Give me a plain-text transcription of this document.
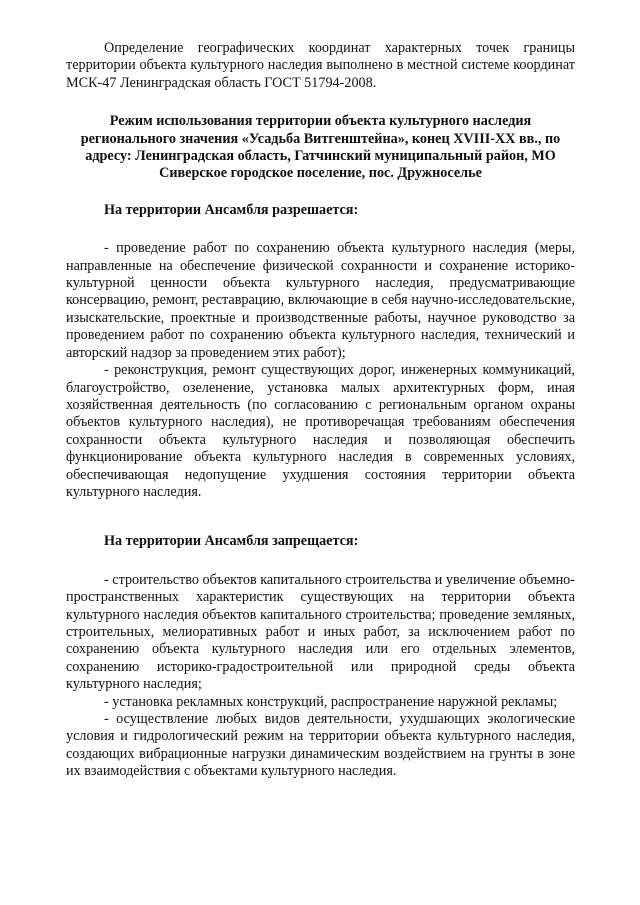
Определение географических координат характерных точек границы территории объекта культурного наследия выполнено в местной системе координат МСК-47 Ленинградская область ГОСТ 51794-2008.

Режим использования территории объекта культурного наследия регионального значения «Усадьба Витгенштейна», конец XVIII-XX вв., по адресу: Ленинградская область, Гатчинский муниципальный район, МО Сиверское городское поселение, пос. Дружноселье

На территории Ансамбля разрешается:

- проведение работ по сохранению объекта культурного наследия (меры, направленные на обеспечение физической сохранности и сохранение историко-культурной ценности объекта культурного наследия, предусматривающие консервацию, ремонт, реставрацию, включающие в себя научно-исследовательские, изыскательские, проектные и производственные работы, научное руководство за проведением работ по сохранению объекта культурного наследия, технический и авторский надзор за проведением этих работ);
- реконструкция, ремонт существующих дорог, инженерных коммуникаций, благоустройство, озеленение, установка малых архитектурных форм, иная хозяйственная деятельность (по согласованию с региональным органом охраны объектов культурного наследия), не противоречащая требованиям обеспечения сохранности объекта культурного наследия и позволяющая обеспечить функционирование объекта культурного наследия в современных условиях, обеспечивающая недопущение ухудшения состояния территории объекта культурного наследия.

На территории Ансамбля запрещается:

- строительство объектов капитального строительства и увеличение объемно-пространственных характеристик существующих на территории объекта культурного наследия объектов капитального строительства; проведение земляных, строительных, мелиоративных работ и иных работ, за исключением работ по сохранению объекта культурного наследия или его отдельных элементов, сохранению историко-градостроительной или природной среды объекта культурного наследия;
- установка рекламных конструкций, распространение наружной рекламы;
- осуществление любых видов деятельности, ухудшающих экологические условия и гидрологический режим на территории объекта культурного наследия, создающих вибрационные нагрузки динамическим воздействием на грунты в зоне их взаимодействия с объектами культурного наследия.
